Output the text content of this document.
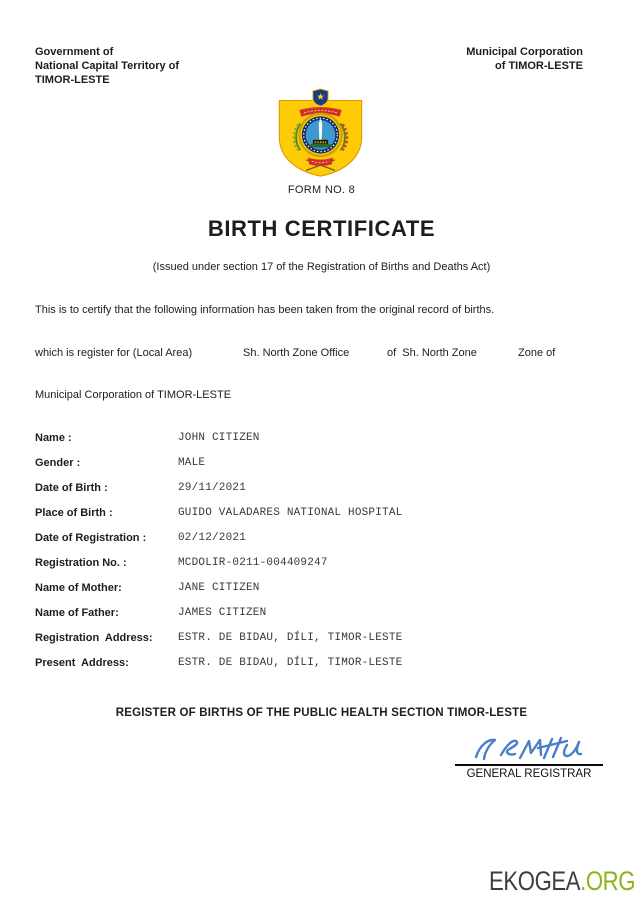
Government of
National Capital Territory of
TIMOR-LESTE
Municipal Corporation
of TIMOR-LESTE
FORM NO. 8
BIRTH CERTIFICATE
(Issued under section 17 of the Registration of Births and Deaths Act)
This is to certify that the following information has been taken from the original record of births.
which is register for (Local Area)	Sh. North Zone Office	of  Sh. North Zone	Zone of
Municipal Corporation of TIMOR-LESTE
Name :	JOHN CITIZEN
Gender :	MALE
Date of Birth :	29/11/2021
Place of Birth :	GUIDO VALADARES NATIONAL HOSPITAL
Date of Registration :	02/12/2021
Registration No. :	MCDOLIR-0211-004409247
Name of Mother:	JANE CITIZEN
Name of Father:	JAMES CITIZEN
Registration  Address: ESTR. DE BIDAU, DÍLI, TIMOR-LESTE
Present  Address:	ESTR. DE BIDAU, DÍLI, TIMOR-LESTE
REGISTER OF BIRTHS OF THE PUBLIC HEALTH SECTION TIMOR-LESTE
GENERAL REGISTRAR
EKOGEA.ORG
